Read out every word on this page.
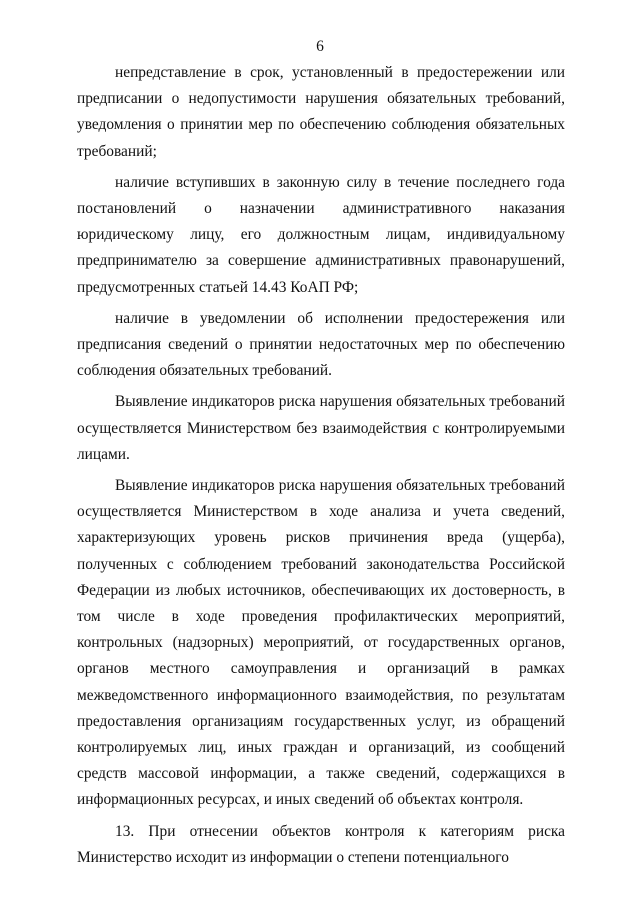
6

непредставление в срок, установленный в предостережении или предписании о недопустимости нарушения обязательных требований, уведомления о принятии мер по обеспечению соблюдения обязательных требований;

наличие вступивших в законную силу в течение последнего года постановлений о назначении административного наказания юридическому лицу, его должностным лицам, индивидуальному предпринимателю за совершение административных правонарушений, предусмотренных статьей 14.43 КоАП РФ;

наличие в уведомлении об исполнении предостережения или предписания сведений о принятии недостаточных мер по обеспечению соблюдения обязательных требований.

Выявление индикаторов риска нарушения обязательных требований осуществляется Министерством без взаимодействия с контролируемыми лицами.

Выявление индикаторов риска нарушения обязательных требований осуществляется Министерством в ходе анализа и учета сведений, характеризующих уровень рисков причинения вреда (ущерба), полученных с соблюдением требований законодательства Российской Федерации из любых источников, обеспечивающих их достоверность, в том числе в ходе проведения профилактических мероприятий, контрольных (надзорных) мероприятий, от государственных органов, органов местного самоуправления и организаций в рамках межведомственного информационного взаимодействия, по результатам предоставления организациям государственных услуг, из обращений контролируемых лиц, иных граждан и организаций, из сообщений средств массовой информации, а также сведений, содержащихся в информационных ресурсах, и иных сведений об объектах контроля.

13. При отнесении объектов контроля к категориям риска Министерство исходит из информации о степени потенциального
